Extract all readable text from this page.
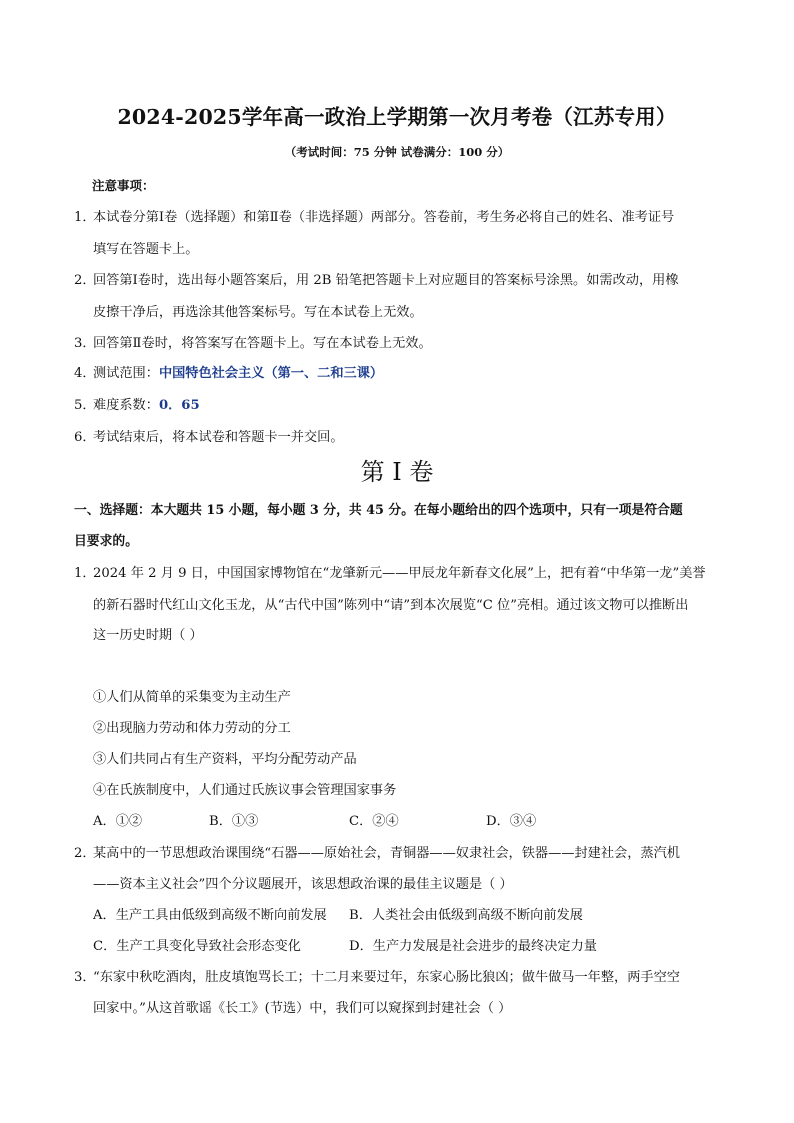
2024-2025学年高一政治上学期第一次月考卷（江苏专用）
（考试时间：75 分钟 试卷满分：100 分）
注意事项：
1．
本试卷分第Ⅰ卷（选择题）和第Ⅱ卷（非选择题）两部分。答卷前，考生务必将自己的姓名、准考证号
填写在答题卡上。
2．
回答第Ⅰ卷时，选出每小题答案后，用 2B 铅笔把答题卡上对应题目的答案标号涂黑。如需改动，用橡
皮擦干净后，再选涂其他答案标号。写在本试卷上无效。
3．
回答第Ⅱ卷时，将答案写在答题卡上。写在本试卷上无效。
4．
测试范围：中国特色社会主义（第一、二和三课）
5．
难度系数：0．65
6．
考试结束后，将本试卷和答题卡一并交回。
第 I 卷
一、选择题：本大题共 15 小题，每小题 3 分，共 45 分。在每小题给出的四个选项中，只有一项是符合题
目要求的。
1．
2024 年 2 月 9 日，中国国家博物馆在“龙肇新元——甲辰龙年新春文化展”上，把有着“中华第一龙”美誉
的新石器时代红山文化玉龙，从“古代中国”陈列中“请”到本次展览“C 位”亮相。通过该文物可以推断出
这一历史时期（ ）
①人们从简单的采集变为主动生产
②出现脑力劳动和体力劳动的分工
③人们共同占有生产资料，平均分配劳动产品
④在氏族制度中，人们通过氏族议事会管理国家事务
A．①②	B．①③	C．②④	D．③④
2．
某高中的一节思想政治课围绕“石器——原始社会，青铜器——奴隶社会，铁器——封建社会，蒸汽机
——资本主义社会”四个分议题展开，该思想政治课的最佳主议题是（ ）
A．生产工具由低级到高级不断向前发展 B．人类社会由低级到高级不断向前发展
C．生产工具变化导致社会形态变化	D．生产力发展是社会进步的最终决定力量
3．
“东家中秋吃酒肉，肚皮填饱骂长工；十二月来要过年，东家心肠比狼凶；做牛做马一年整，两手空空
回家中。”从这首歌谣《长工》(节选）中，我们可以窥探到封建社会（ ）
